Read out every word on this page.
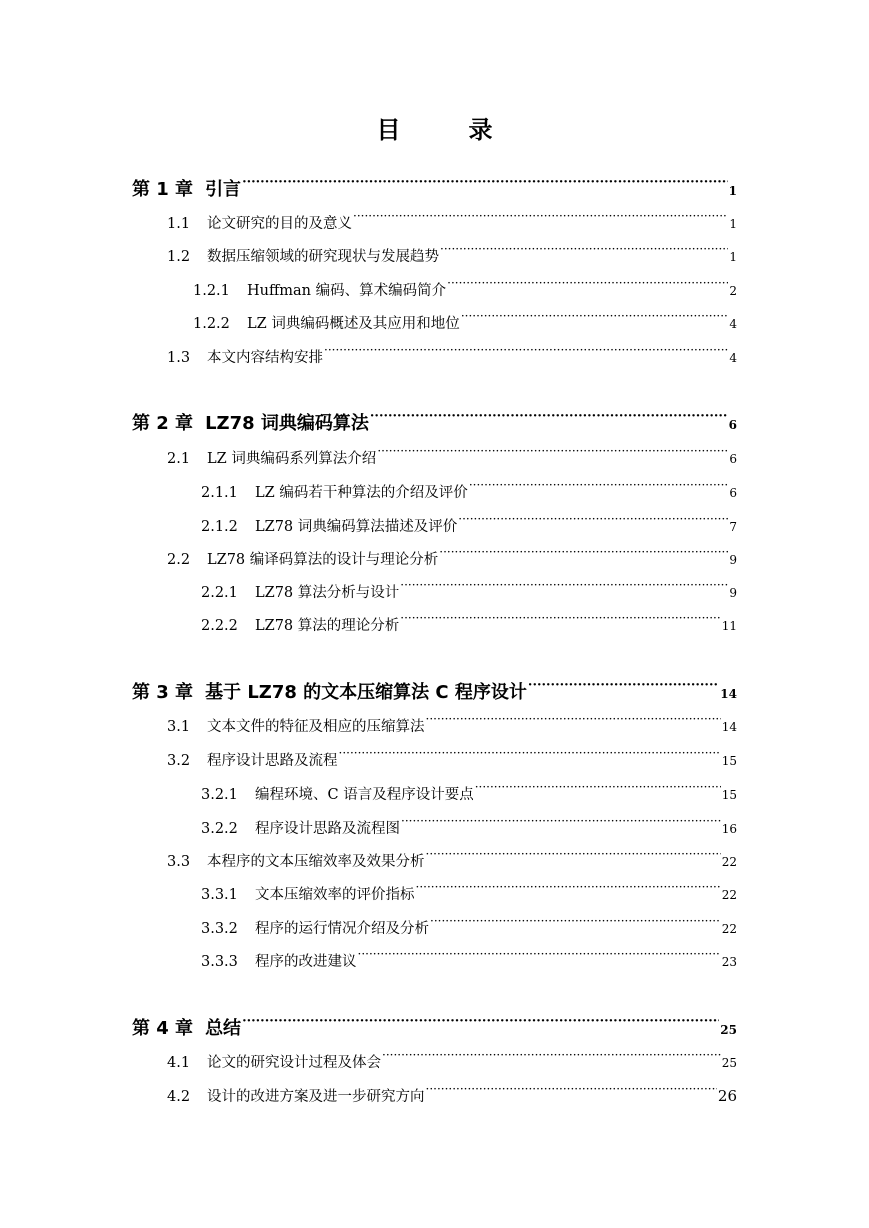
目　录
第 1 章 引言 ·····	1
1.1	论文研究的目的及意义 ·····	1
1.2	数据压缩领域的研究现状与发展趋势 ·····	1
1.2.1	Huffman 编码、算术编码简介 ·····	2
1.2.2	LZ 词典编码概述及其应用和地位 ·····	4
1.3	本文内容结构安排 ·····	4
第 2 章 LZ78 词典编码算法 ·····	6
2.1	LZ 词典编码系列算法介绍 ·····	6
2.1.1	LZ 编码若干种算法的介绍及评价 ·····	6
2.1.2	LZ78 词典编码算法描述及评价 ·····	7
2.2	LZ78 编译码算法的设计与理论分析 ·····	9
2.2.1	LZ78 算法分析与设计 ·····	9
2.2.2	LZ78 算法的理论分析 ·····	11
第 3 章 基于 LZ78 的文本压缩算法 C 程序设计 ·····	14
3.1	文本文件的特征及相应的压缩算法 ·····	14
3.2	程序设计思路及流程 ·····	15
3.2.1	编程环境、C 语言及程序设计要点 ·····	15
3.2.2	程序设计思路及流程图 ·····	16
3.3	本程序的文本压缩效率及效果分析 ·····	22
3.3.1	文本压缩效率的评价指标 ·····	22
3.3.2	程序的运行情况介绍及分析 ·····	22
3.3.3	程序的改进建议 ·····	23
第 4 章 总结 ·····	25
4.1	论文的研究设计过程及体会 ·····	25
4.2	设计的改进方案及进一步研究方向 ·····	26
